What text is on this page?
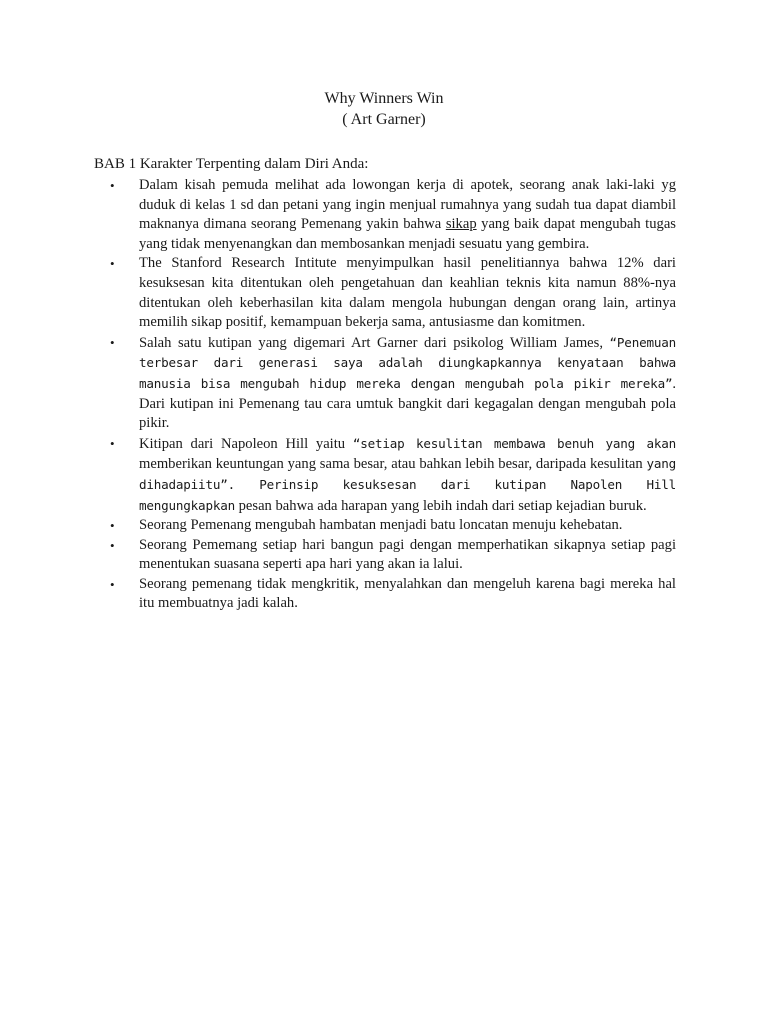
Why Winners Win
( Art Garner)
BAB 1 Karakter Terpenting dalam Diri Anda:
•	Dalam kisah pemuda melihat ada lowongan kerja di apotek, seorang anak laki-laki yg duduk di kelas 1 sd dan petani yang ingin menjual rumahnya yang sudah tua dapat diambil maknanya dimana seorang Pemenang yakin bahwa sikap yang baik dapat mengubah tugas yang tidak menyenangkan dan membosankan menjadi sesuatu yang gembira.
•	The Stanford Research Intitute menyimpulkan hasil penelitiannya bahwa 12% dari kesuksesan kita ditentukan oleh pengetahuan dan keahlian teknis kita namun 88%-nya ditentukan oleh keberhasilan kita dalam mengola hubungan dengan orang lain, artinya memilih sikap positif, kemampuan bekerja sama, antusiasme dan komitmen.
•	Salah satu kutipan yang digemari Art Garner dari psikolog William James, “Penemuan terbesar dari generasi saya adalah diungkapkannya kenyataan bahwa manusia bisa mengubah hidup mereka dengan mengubah pola pikir mereka”. Dari kutipan ini Pemenang tau cara umtuk bangkit dari kegagalan dengan mengubah pola pikir.
•	Kitipan dari Napoleon Hill yaitu “setiap kesulitan membawa benuh yang akan memberikan keuntungan yang sama besar, atau bahkan lebih besar, daripada kesulitan yang dihadapiitu”. Perinsip kesuksesan dari kutipan Napolen Hill mengungkapkan pesan bahwa ada harapan yang lebih indah dari setiap kejadian buruk.
•	Seorang Pemenang mengubah hambatan menjadi batu loncatan menuju kehebatan.
•	Seorang Pememang setiap hari bangun pagi dengan memperhatikan sikapnya setiap pagi menentukan suasana seperti apa hari yang akan ia lalui.
•	Seorang pemenang tidak mengkritik, menyalahkan dan mengeluh karena bagi mereka hal itu membuatnya jadi kalah.
